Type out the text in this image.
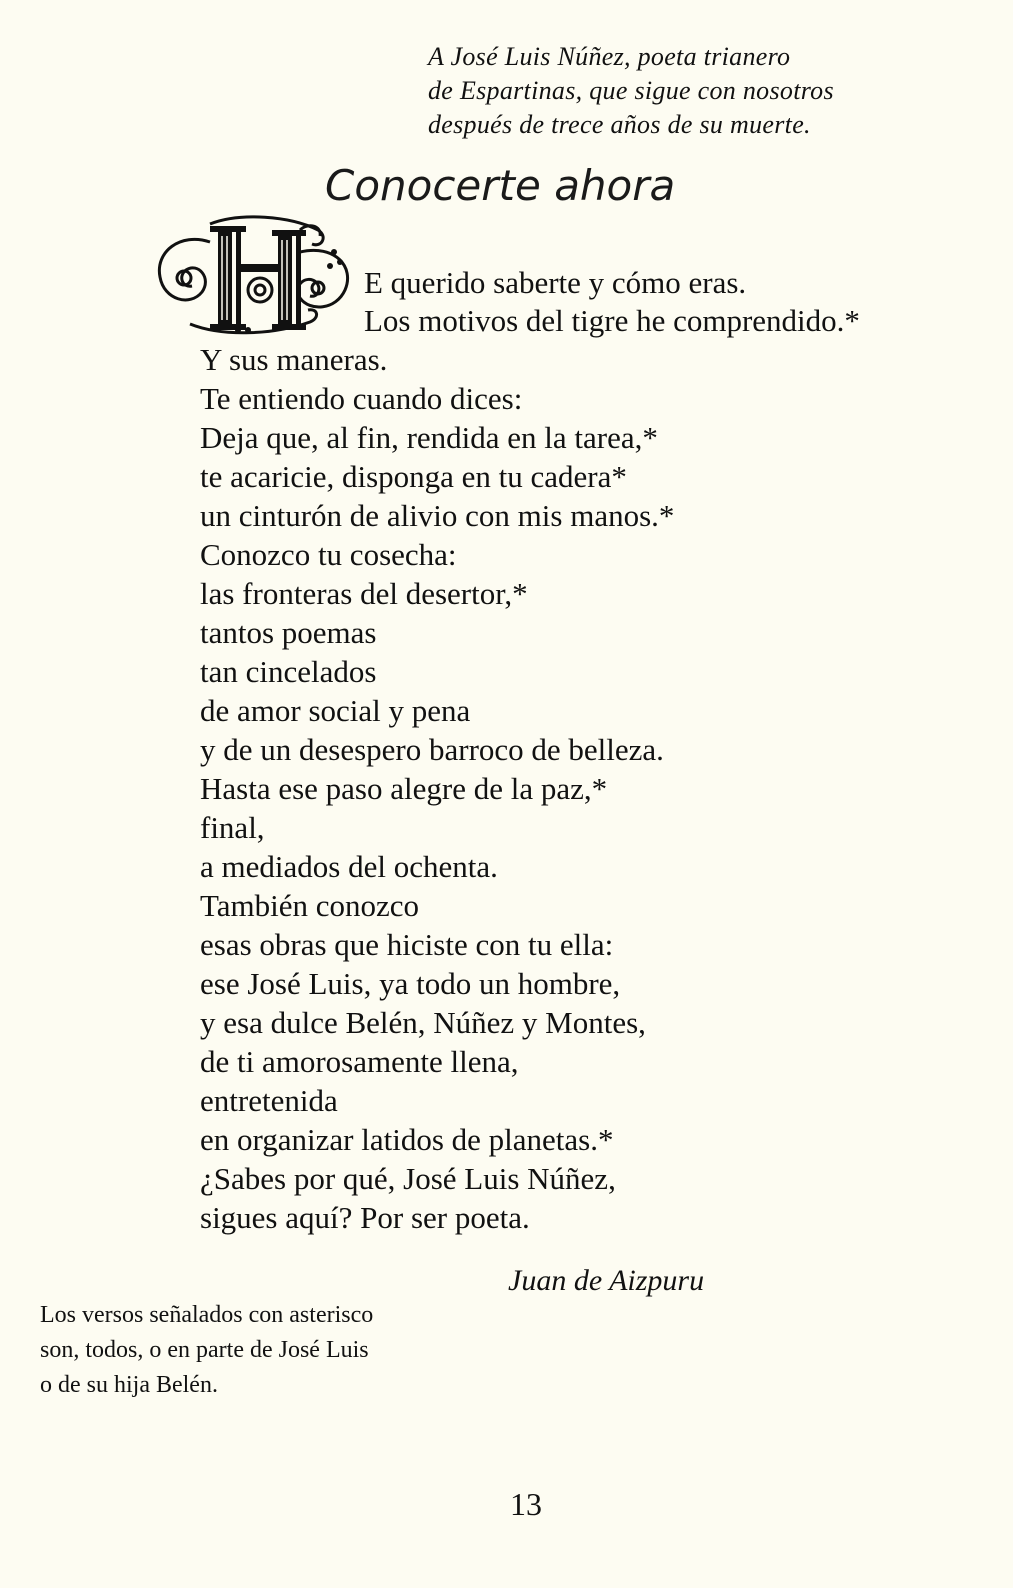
A José Luis Núñez, poeta trianero
de Espartinas, que sigue con nosotros
después de trece años de su muerte.
Conocerte ahora
E querido saberte y cómo eras.
Los motivos del tigre he comprendido.*
Y sus maneras.
Te entiendo cuando dices:
Deja que, al fin, rendida en la tarea,*
te acaricie, disponga en tu cadera*
un cinturón de alivio con mis manos.*
Conozco tu cosecha:
las fronteras del desertor,*
tantos poemas
tan cincelados
de amor social y pena
y de un desespero barroco de belleza.
Hasta ese paso alegre de la paz,*
final,
a mediados del ochenta.
También conozco
esas obras que hiciste con tu ella:
ese José Luis, ya todo un hombre,
y esa dulce Belén, Núñez y Montes,
de ti amorosamente llena,
entretenida
en organizar latidos de planetas.*
¿Sabes por qué, José Luis Núñez,
sigues aquí? Por ser poeta.
Juan de Aizpuru
Los versos señalados con asterisco
son, todos, o en parte de José Luis
o de su hija Belén.
13
